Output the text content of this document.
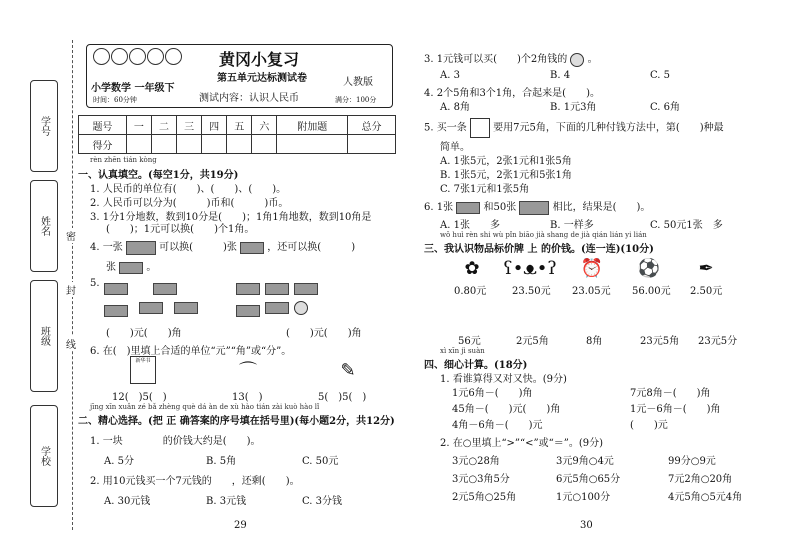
学号
姓名
班级
学校
密
封
线
黄冈小复习
第五单元达标测试卷	人教版
小学数学 一年级下
时间：60分钟	测试内容：认识人民币	满分：100分
题号	一	二	三	四	五	六	附加题	总分
得分								
rèn zhēn tián kòng
一、认真填空。(每空1分，共19分)
1. 人民币的单位有(　　)、(　　)、(　　)。
2. 人民币可以分为(　　　)币和(　　　)币。
3. 1分1分地数，数到10分是(　　)；1角1角地数，数到10角是
(　　)；1元可以换(　　)个1角。
4. 一张	可以换(　　　)张	，还可以换(　　　)
张	。
5.

(　　)元(　　)角	(　　)元(　　)角
6. 在(　)里填上合适的单位“元”“角”或“分”。
新华书	⌒	✎
12(　)5(　)	13(　)	5(　)5(　)
jīng xīn xuǎn zé bǎ zhèng què dá àn de xù hào tián zài kuò hào lǐ
二、精心选择。(把 正 确答案的序号填在括号里)(每小题2分，共12分)
1. 一块　　　　的价钱大约是(　　)。
A. 5分	B. 5角	C. 50元
2. 用10元钱买一个7元钱的　　，还剩(　　)。
A. 30元钱	B. 3元钱	C. 3分钱
29
3. 1元钱可以买(　　)个2角钱的 。
A. 3	B. 4	C. 5
4. 2个5角和3个1角，合起来是(　　)。
A. 8角	B. 1元3角	C. 6角
5. 买一条	要用7元5角，下面的几种付钱方法中，第(　　)种最
简单。
A. 1张5元，2张1元和1张5角
B. 1张5元，2张1元和5张1角
C. 7张1元和1张5角
6. 1张	和50张	相比，结果是(　　)。
A. 1张　　多	B. 一样多	C. 50元1张　多
wǒ huì rèn shi wù pǐn biāo jià shang de jià qián lián yi lián
三、我认识物品标价牌 上 的价钱。(连一连)(10分)
✿ ʕ•ᴥ•ʔ ⏰ ⚽ ✒
0.80元	23.50元 23.05元 56.00元 2.50元
56元	2元5角	8角	23元5角 23元5分
xì xīn jì suàn
四、细心计算。(18分)
1. 看谁算得又对又快。(9分)
1元6角－(　　)角	7元8角－(　　)角
45角－(　　)元(　　)角	1元－6角－(　　)角
4角－6角－(　　)元	(　　)元
2. 在○里填上“>”“<”或“＝”。(9分)
3元○28角	3元9角○4元	99分○9元
3元○3角5分	6元5角○65分	7元2角○20角
2元5角○25角	1元○100分	4元5角○5元4角
30
